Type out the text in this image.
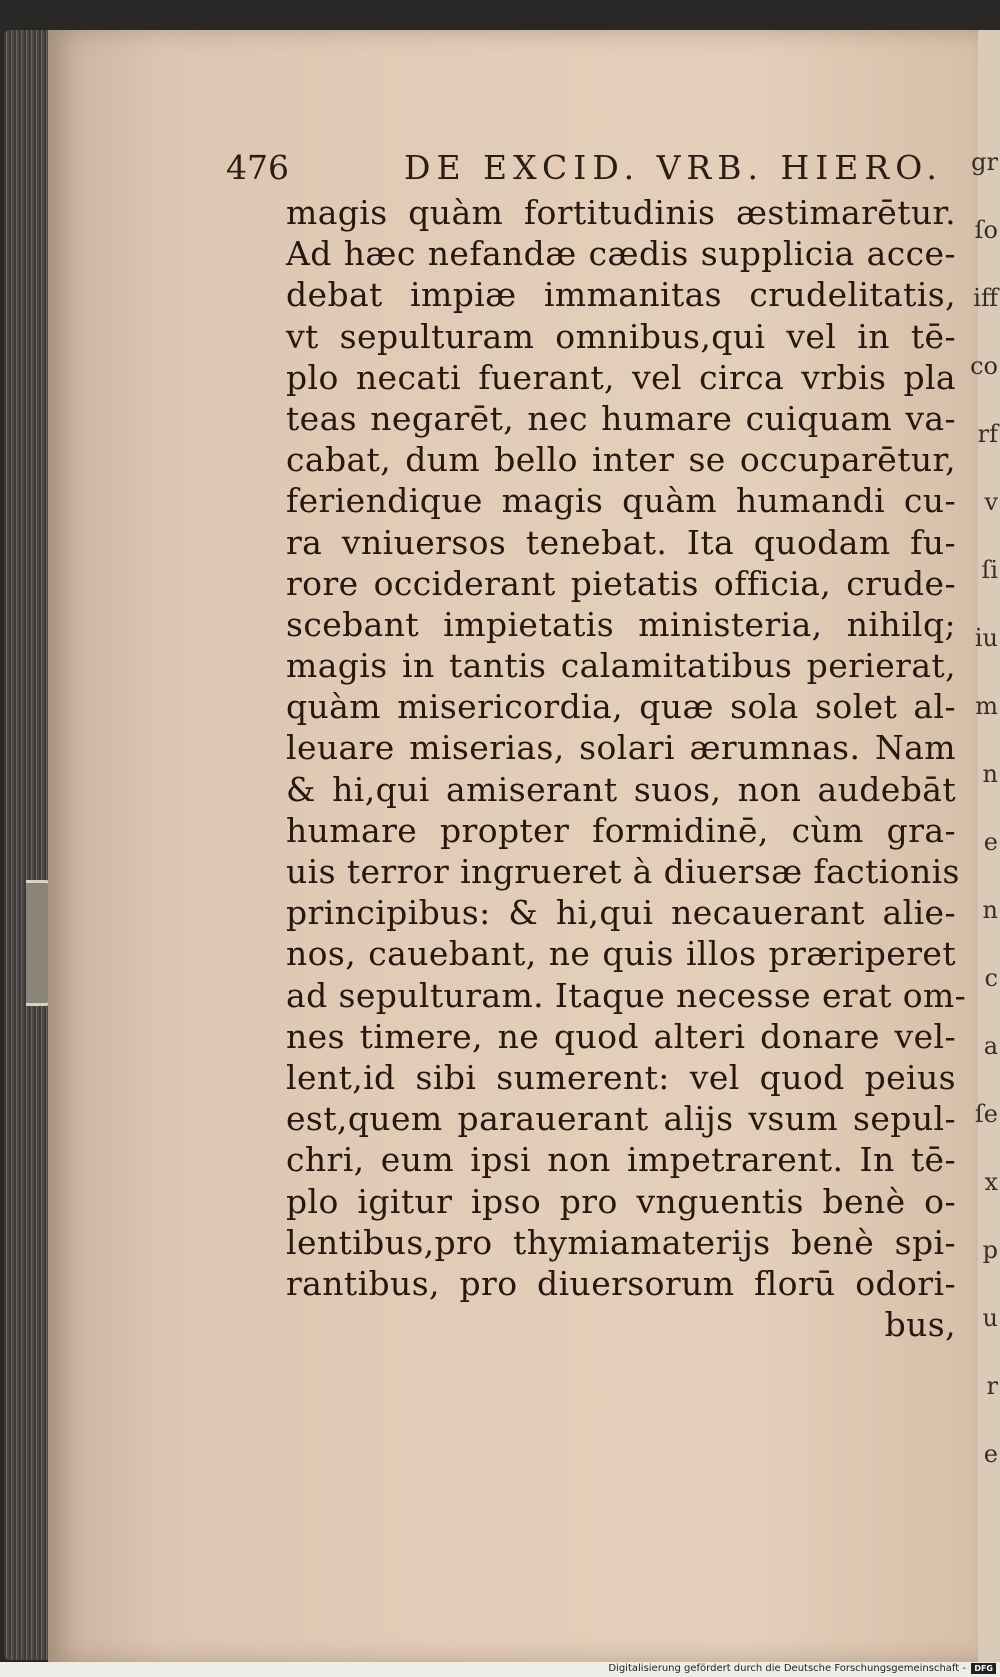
476	DE EXCID. VRB. HIERO.
magis quàm fortitudinis æstimarētur.
Ad hæc nefandæ cædis supplicia acce-
debat impiæ immanitas crudelitatis,
vt sepulturam omnibus,qui vel in tē-
plo necati fuerant, vel circa vrbis pla
teas negarēt, nec humare cuiquam va-
cabat, dum bello inter se occuparētur,
feriendique magis quàm humandi cu-
ra vniuersos tenebat. Ita quodam fu-
rore occiderant pietatis officia, crude-
scebant impietatis ministeria, nihilq;
magis in tantis calamitatibus perierat,
quàm misericordia, quæ sola solet al-
leuare miserias, solari ærumnas. Nam
& hi,qui amiserant suos, non audebāt
humare propter formidinē, cùm gra-
uis terror ingrueret à diuersæ factionis
principibus: & hi,qui necauerant alie-
nos, cauebant, ne quis illos præriperet
ad sepulturam. Itaque necesse erat om-
nes timere, ne quod alteri donare vel-
lent,id sibi sumerent: vel quod peius
est,quem parauerant alijs vsum sepul-
chri, eum ipsi non impetrarent. In tē-
plo igitur ipso pro vnguentis benè o-
lentibus,pro thymiamaterijs benè spi-
rantibus, pro diuersorum florū odori-
bus,
gr
ſo
iff
co
rf
v
ſi
iu
m
n
e
n
c
a
ſe
x
p
u
r
e
Digitalisierung gefördert durch die Deutsche Forschungsgemeinschaft -	DFG
